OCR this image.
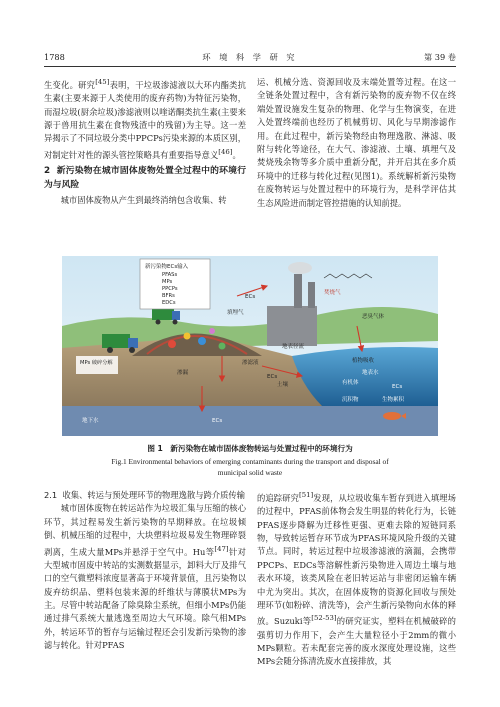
1788	环 境 科 学 研 究	第 39 卷

生变化。研究[45]表明，干垃圾渗滤液以大环内酯类抗生素(主要来源于人类使用的废弃药物)为特征污染物，而湿垃圾(厨余垃圾)渗滤液则以喹诺酮类抗生素(主要来源于兽用抗生素在食物残渣中的残留)为主导。这一差异揭示了不同垃圾分类中PPCPs污染来源的本质区别，对制定针对性的源头管控策略具有重要指导意义[46]。

2 新污染物在城市固体废物处置全过程中的环境行为与风险

城市固体废物从产生到最终消纳包含收集、转

运、机械分选、资源回收及末端处置等过程。在这一全链条处置过程中，含有新污染物的废弃物不仅在终端处置设施发生复杂的物理、化学与生物演变，在进入处置终端前也经历了机械剪切、风化与早期渗滤作用。在此过程中，新污染物经由物理逸散、淋滤、吸附与转化等途径，在大气、渗滤液、土壤、填埋气及焚烧残余物等多介质中重新分配，并开启其在多介质环境中的迁移与转化过程(见图1)。系统解析新污染物在废物转运与处置过程中的环境行为，是科学评估其生态风险进而制定管控措施的认知前提。

新污染物ECs输入
PFASs
MPs
PPCPs
BFRs
EDCs
ECs
焚烧气
填埋气
恶臭气体
渗滤液
渗漏
地表径流
植物吸收
土壤
ECs
MPs 破碎分解
地下水	ECs
地表水
有机体
ECs
沉积物	生物累积
图 1　新污染物在城市固体废物转运与处置过程中的环境行为
Fig.1 Environmental behaviors of emerging contaminants during the transport and disposal of municipal solid waste
2.1 收集、转运与预处理环节的物理逸散与跨介质传输

城市固体废物在转运站作为垃圾汇集与压缩的核心环节，其过程易发生新污染物的早期释放。在垃圾倾倒、机械压缩的过程中，大块塑料垃圾易发生物理碎裂剥离，生成大量MPs并悬浮于空气中。Hu等[47]针对大型城市固废中转站的实测数据显示，卸料大厅及排气口的空气微塑料浓度显著高于环境背景值，且污染物以废弃纺织品、塑料包装来源的纤维状与薄膜状MPs为主。尽管中转站配备了除臭除尘系统，但细小MPs仍能通过排气系统大量逃逸至周边大气环境。除气相MPs外，转运环节的暂存与运输过程还会引发新污染物的渗滤与转化。针对PFAS

的追踪研究[51]发现，从垃圾收集车暂存到进入填埋场的过程中，PFAS前体物会发生明显的转化行为，长链PFAS逐步降解为迁移性更强、更难去除的短链同系物，导致转运暂存环节成为PFAS环境风险升级的关键节点。同时，转运过程中垃圾渗滤液的滴漏，会携带PPCPs、EDCs等溶解性新污染物进入周边土壤与地表水环境，该类风险在老旧转运站与非密闭运输车辆中尤为突出。其次，在固体废物的资源化回收与预处理环节(如粉碎、清洗等)，会产生新污染物向水体的释放。Suzuki等[52-53]的研究证实，塑料在机械破碎的强剪切力作用下，会产生大量粒径小于2mm的微小MPs颗粒。若未配套完善的废水深度处理设施，这些MPs会随分拣清洗废水直接排放，其
